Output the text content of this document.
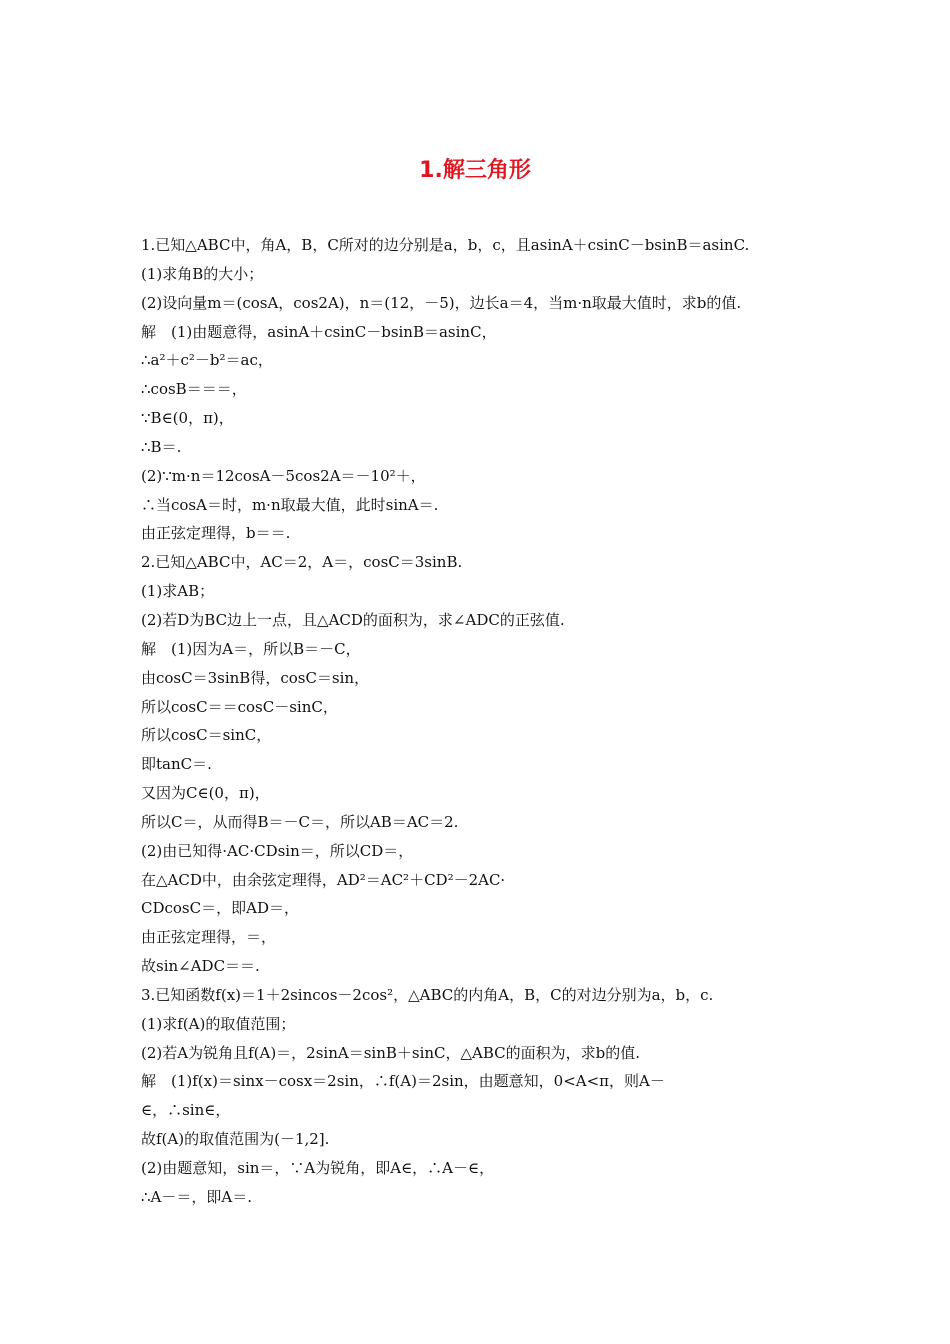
1.解三角形
1.已知△ABC中，角A，B，C所对的边分别是a，b，c，且asinA＋csinC－bsinB＝asinC.
(1)求角B的大小；
(2)设向量m＝(cosA，cos2A)，n＝(12，－5)，边长a＝4，当m·n取最大值时，求b的值.
解　(1)由题意得，asinA＋csinC－bsinB＝asinC，
∴a²＋c²－b²＝ac，
∴cosB＝＝＝，
∵B∈(0，π)，
∴B＝.
(2)∵m·n＝12cosA－5cos2A＝－10²＋，
∴当cosA＝时，m·n取最大值，此时sinA＝.
由正弦定理得，b＝＝.
2.已知△ABC中，AC＝2，A＝，cosC＝3sinB.
(1)求AB；
(2)若D为BC边上一点，且△ACD的面积为，求∠ADC的正弦值.
解　(1)因为A＝，所以B＝－C，
由cosC＝3sinB得，cosC＝sin，
所以cosC＝＝cosC－sinC，
所以cosC＝sinC，
即tanC＝.
又因为C∈(0，π)，
所以C＝，从而得B＝－C＝，所以AB＝AC＝2.
(2)由已知得·AC·CDsin＝，所以CD＝，
在△ACD中，由余弦定理得，AD²＝AC²＋CD²－2AC·
CDcosC＝，即AD＝，
由正弦定理得，＝，
故sin∠ADC＝＝.
3.已知函数f(x)＝1＋2sincos－2cos²，△ABC的内角A，B，C的对边分别为a，b，c.
(1)求f(A)的取值范围；
(2)若A为锐角且f(A)＝，2sinA＝sinB＋sinC，△ABC的面积为，求b的值.
解　(1)f(x)＝sinx－cosx＝2sin，∴f(A)＝2sin，由题意知，0<A<π，则A－
∈，∴sin∈，
故f(A)的取值范围为(－1,2].
(2)由题意知，sin＝，∵A为锐角，即A∈，∴A－∈，
∴A－＝，即A＝.
